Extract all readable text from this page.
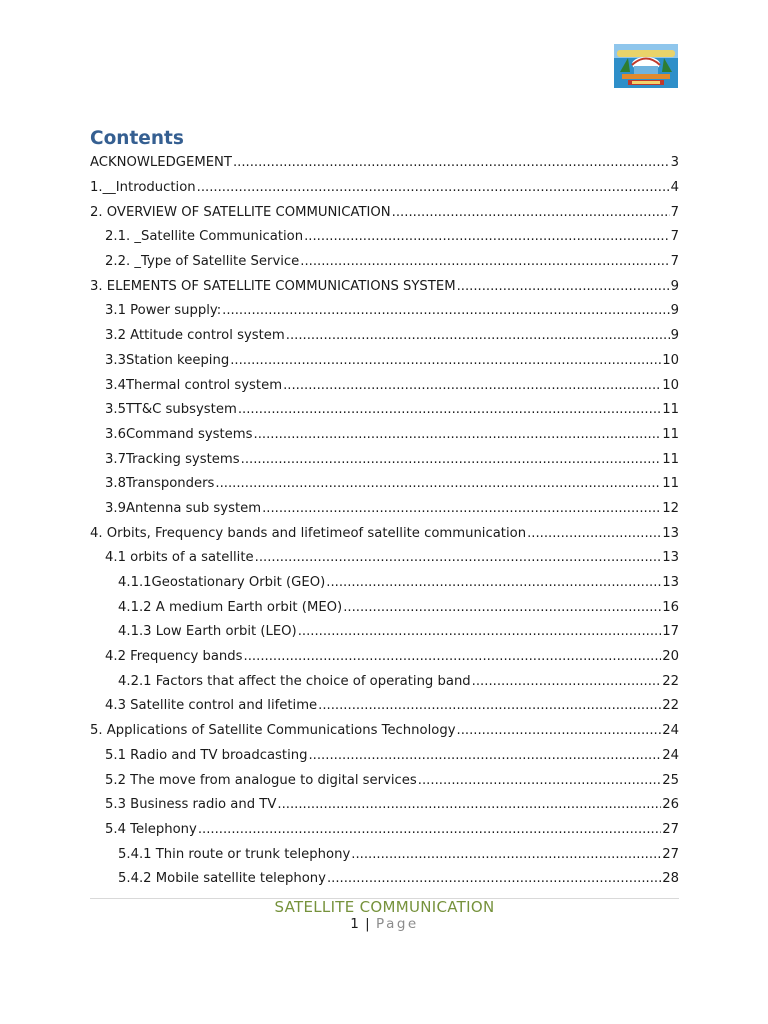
Contents
ACKNOWLEDGEMENT .....	3
1.__Introduction .....	4
2. OVERVIEW OF SATELLITE COMMUNICATION .....	7
2.1. _Satellite Communication .....	7
2.2. _Type of Satellite Service .....	7
3. ELEMENTS OF SATELLITE COMMUNICATIONS SYSTEM .....	9
3.1 Power supply: .....	9
3.2 Attitude control system .....	9
3.3Station keeping .....	10
3.4Thermal control system .....	10
3.5TT&C subsystem .....	11
3.6Command systems .....	11
3.7Tracking systems .....	11
3.8Transponders .....	11
3.9Antenna sub system .....	12
4. Orbits, Frequency bands and lifetimeof satellite communication .....	13
4.1 orbits of a satellite .....	13
4.1.1Geostationary Orbit (GEO) .....	13
4.1.2 A medium Earth orbit (MEO) .....	16
4.1.3 Low Earth orbit (LEO) .....	17
4.2 Frequency bands .....	20
4.2.1 Factors that affect the choice of operating band .....	22
4.3 Satellite control and lifetime .....	22
5. Applications of Satellite Communications Technology .....	24
5.1 Radio and TV broadcasting .....	24
5.2 The move from analogue to digital services .....	25
5.3 Business radio and TV .....	26
5.4 Telephony .....	27
5.4.1 Thin route or trunk telephony .....	27
5.4.2 Mobile satellite telephony .....	28
SATELLITE COMMUNICATION
1 | Page
